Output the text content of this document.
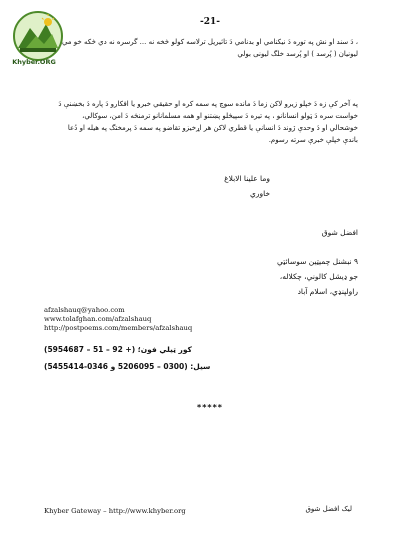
Khyber.ORG
-21-
، دَ سند او نش په توره دَ نيکنامي او بدنامي دَ تاثيريل ترلاسه کولو څخه نه ... گرسره نه دي څکه خو مي ليونيان ( پُرسد ) او پُرسد خلگ ليونی بولي
په آخر کې زه دَ خپلو زيرو لاکن زما دَ مانده سوچ په سمه کره او حقيقي خبرو يا افکارو دَ پاره دَ بخښنې دَ خواست سره دَ ټولو انسانانو ، په تيره دَ سپيڅلو پښتنو او همه مسلمانانو ترمنځه دَ امن، سوکالي، خوشحالي او دَ وحدې ژوند دَ انسانې يا قطري لاکن هر اړخيزو تقاضو په سمه دَ پرمختگ په هيله او دُعا باندې خپلې خبرې سرته رسوم.
وما علينا الابلاغ
خاوري
افضل شوق
۹ نبشنل چميټين سوسائټي
جو ډيشل کالوني، چکلاله،
راولپنډي، اسلام آباد
afzalshauq@yahoo.com
www.tolafghan.com/afzalshauq
http://postpoems.com/members/afzalshauq
کور ټيلي فون؛ (+ 92 – 51 – 5954687)
سيل: (0300 – 5206095 و 0346-5455414)
*****
Khyber Gateway – http://www.khyber.org	ليک افضل شوق
